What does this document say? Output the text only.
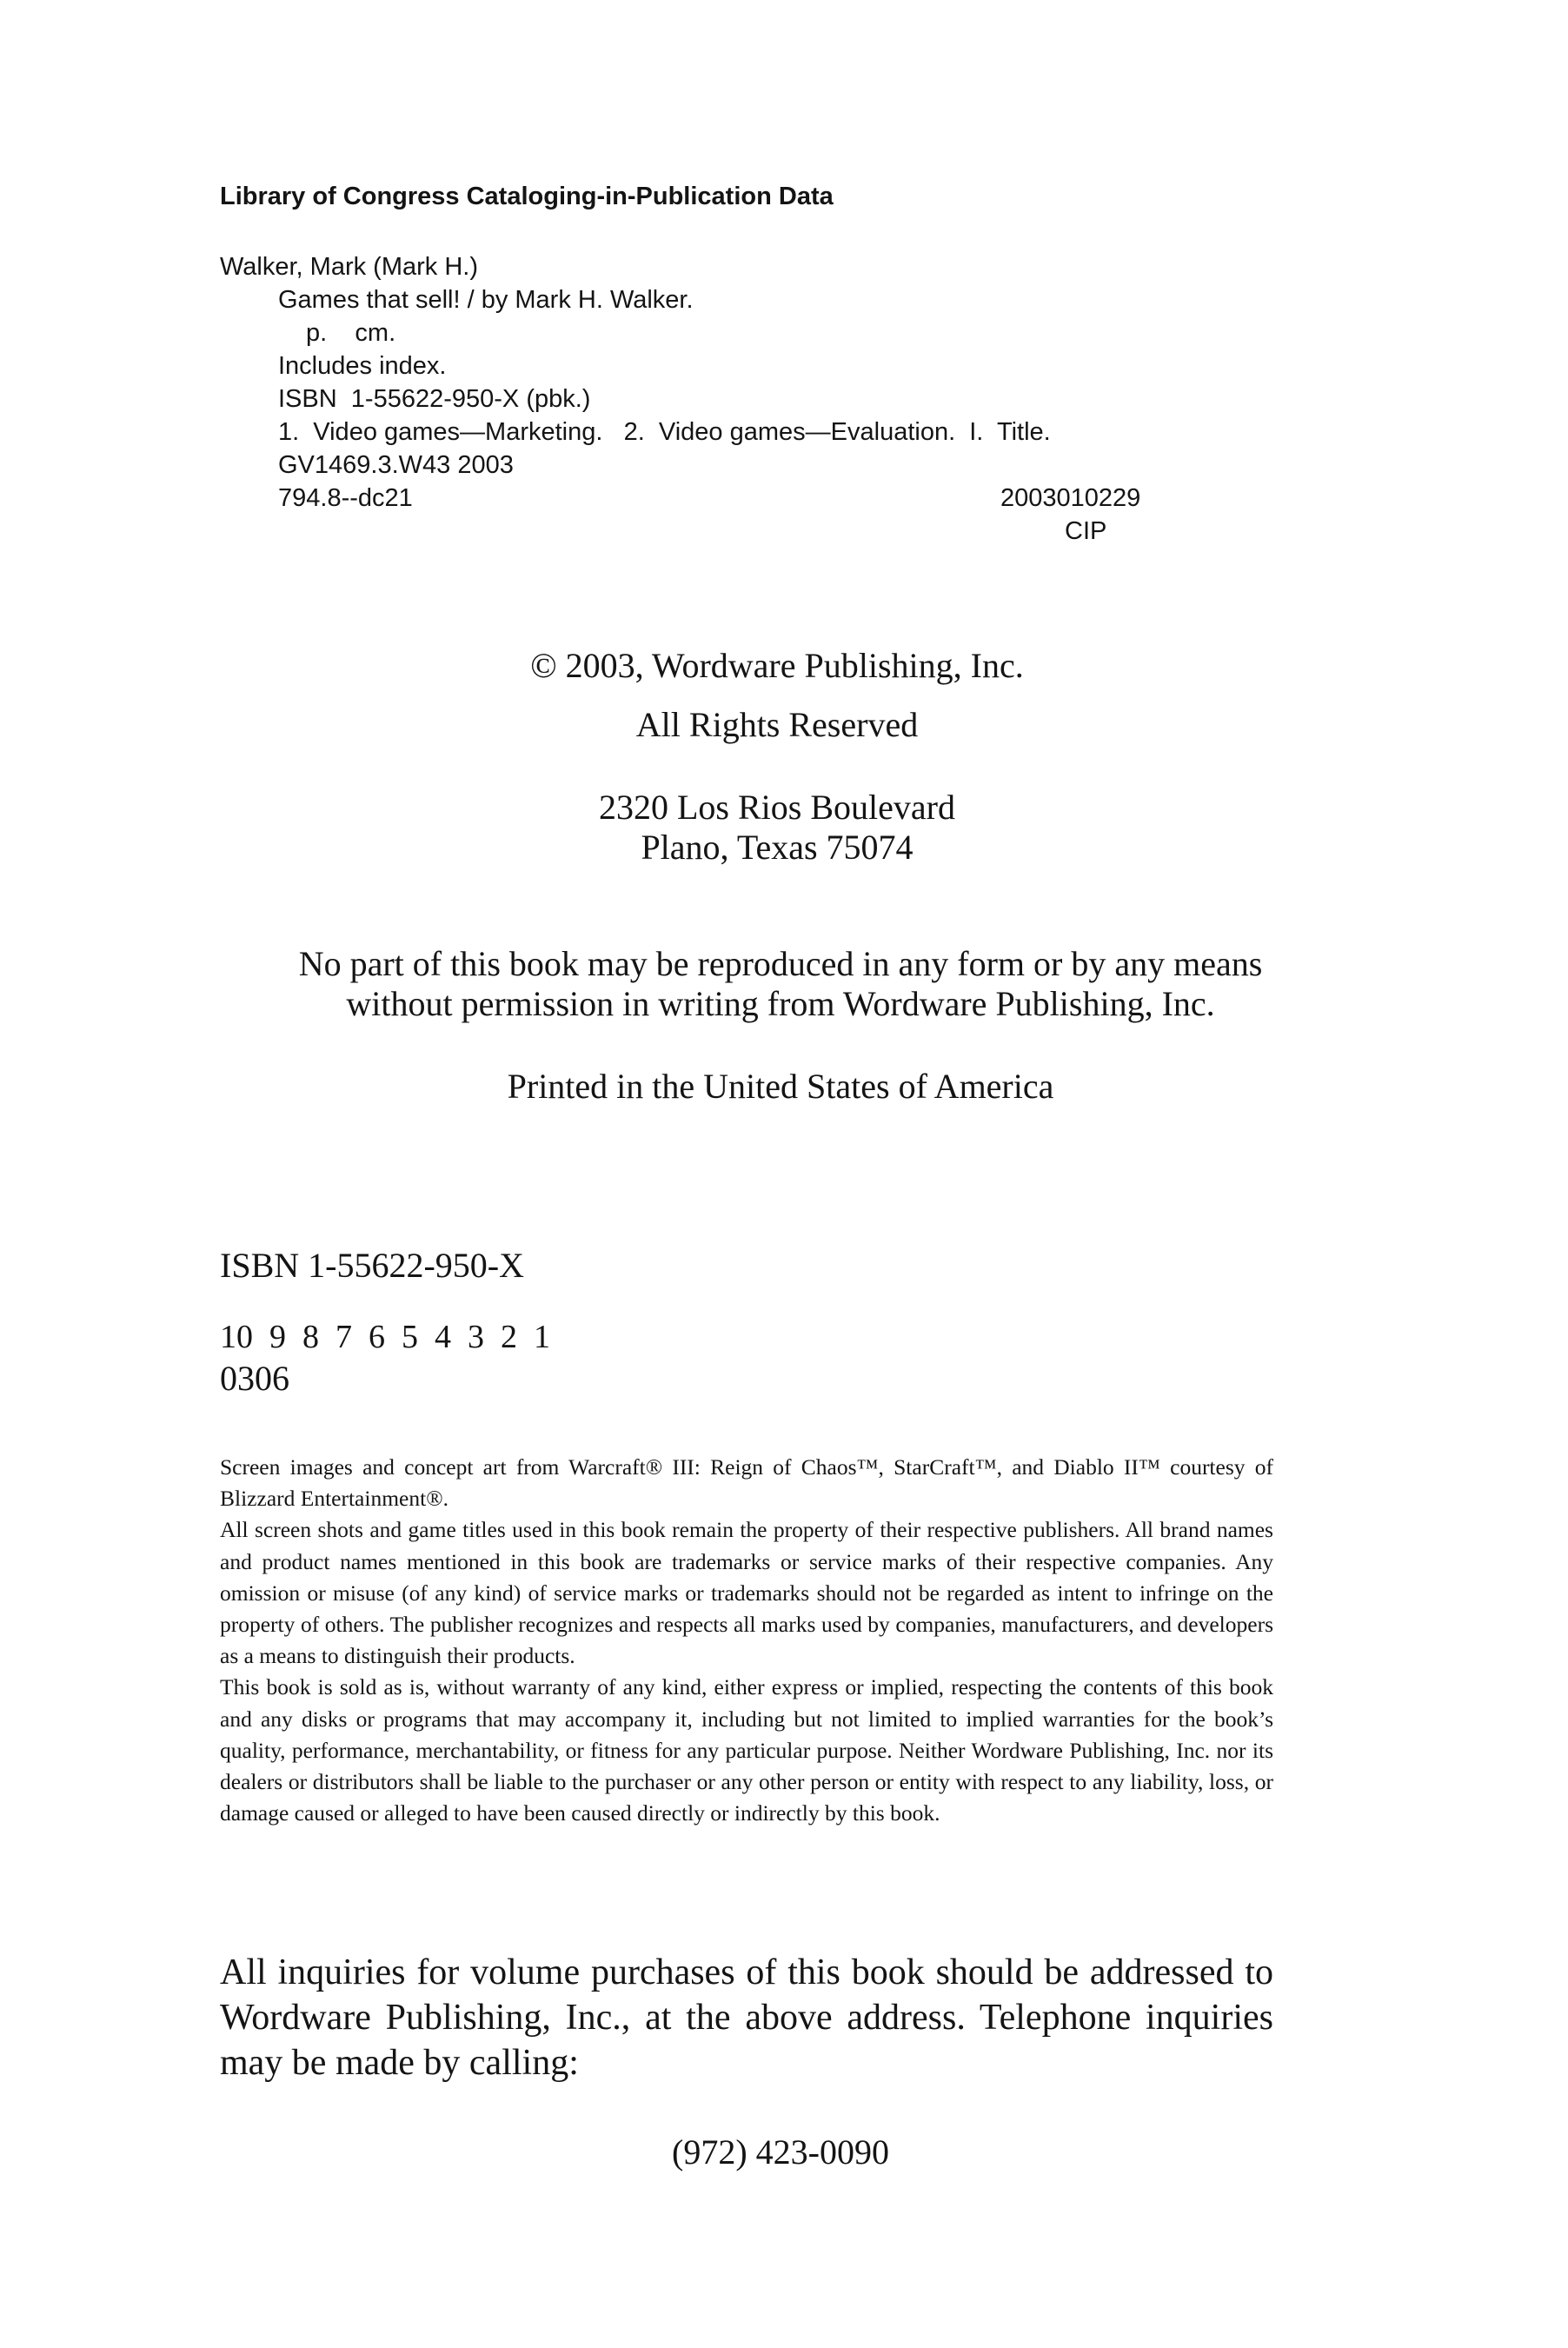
Library of Congress Cataloging-in-Publication Data
Walker, Mark (Mark H.)
Games that sell! / by Mark H. Walker.
p.    cm.
Includes index.
ISBN  1-55622-950-X (pbk.)
1.  Video games—Marketing.   2.  Video games—Evaluation.  I.  Title.
GV1469.3.W43 2003
794.8--dc21	2003010229
CIP
© 2003, Wordware Publishing, Inc.
All Rights Reserved
2320 Los Rios Boulevard
Plano, Texas 75074
No part of this book may be reproduced in any form or by any means
without permission in writing from Wordware Publishing, Inc.
Printed in the United States of America
ISBN 1-55622-950-X
10  9  8  7  6  5  4  3  2  1
0306

Screen images and concept art from Warcraft® III: Reign of Chaos™, StarCraft™, and Diablo II™ courtesy of Blizzard Entertainment®.

All screen shots and game titles used in this book remain the property of their respective publishers. All brand names and product names mentioned in this book are trademarks or service marks of their respective companies. Any omission or misuse (of any kind) of service marks or trademarks should not be regarded as intent to infringe on the property of others. The publisher recognizes and respects all marks used by companies, manufacturers, and developers as a means to distinguish their products.

This book is sold as is, without warranty of any kind, either express or implied, respecting the contents of this book and any disks or programs that may accompany it, including but not limited to implied warranties for the book’s quality, performance, merchantability, or fitness for any particular purpose. Neither Wordware Publishing, Inc. nor its dealers or distributors shall be liable to the purchaser or any other person or entity with respect to any liability, loss, or damage caused or alleged to have been caused directly or indirectly by this book.

All inquiries for volume purchases of this book should be addressed to Wordware Publishing, Inc., at the above address. Telephone inquiries may be made by calling:
(972) 423-0090
